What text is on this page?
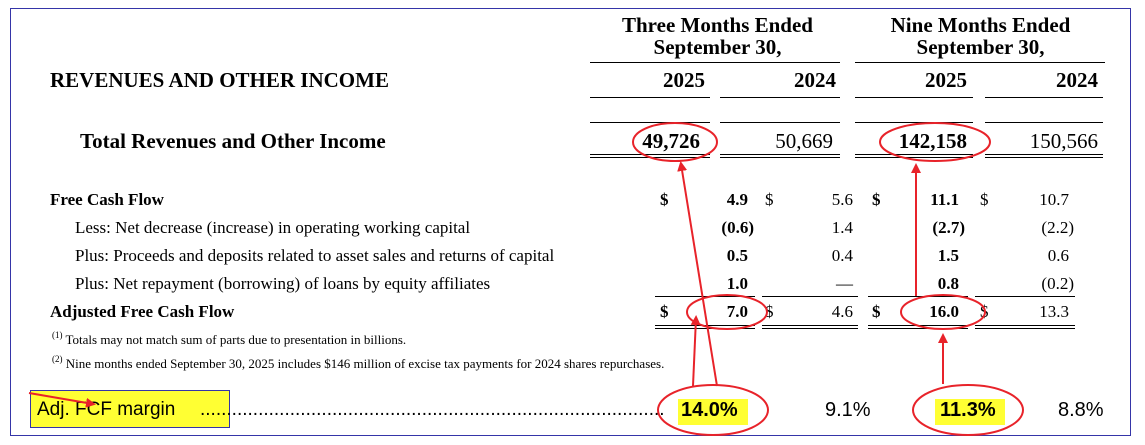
Three Months Ended
September 30,
Nine Months Ended
September 30,
REVENUES AND OTHER INCOME	2025	2024	2025	2024
Total Revenues and Other Income	49,726	50,669	142,158	150,566
Free Cash Flow	$	4.9 $	5.6 $	11.1 $	10.7
Less: Net decrease (increase) in operating working capital	(0.6)	1.4	(2.7)	(2.2)
Plus: Proceeds and deposits related to asset sales and returns of capital	0.5	0.4	1.5	0.6
Plus: Net repayment (borrowing) of loans by equity affiliates	1.0	—	0.8	(0.2)
Adjusted Free Cash Flow	$	7.0 $	4.6 $	16.0 $	13.3
$^{(1)}$ Totals may not match sum of parts due to presentation in billions.
$^{(2)}$ Nine months ended September 30, 2025 includes $146 million of excise tax payments for 2024 shares repurchases.
Adj. FCF margin ........................................................................................ 14.0%	9.1%	11.3%	8.8%
